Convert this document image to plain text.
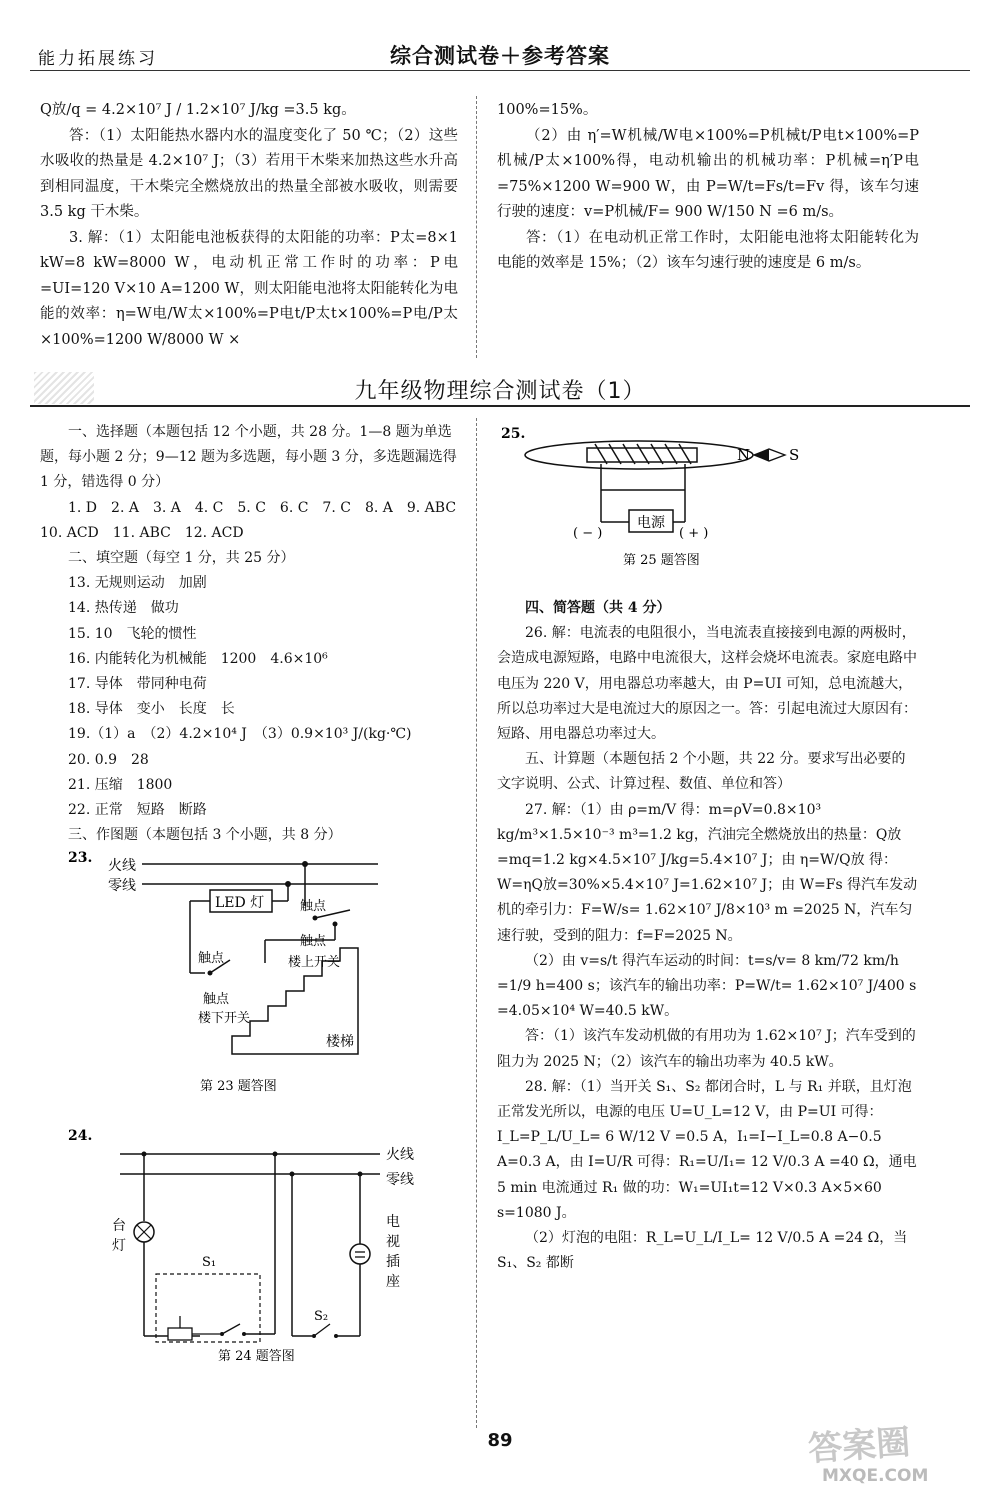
能力拓展练习	综合测试卷＋参考答案

Q放/q = 4.2×10⁷ J / 1.2×10⁷ J/kg =3.5 kg。

答：（1）太阳能热水器内水的温度变化了 50 ℃；（2）这些水吸收的热量是 4.2×10⁷ J；（3）若用干木柴来加热这些水升高到相同温度，干木柴完全燃烧放出的热量全部被水吸收，则需要 3.5 kg 干木柴。

3. 解：（1）太阳能电池板获得的太阳能的功率：P太=8×1 kW=8 kW=8000 W，电动机正常工作时的功率：P电=UI=120 V×10 A=1200 W，则太阳能电池将太阳能转化为电能的效率：η=W电/W太×100%=P电t/P太t×100%=P电/P太×100%=1200 W/8000 W ×

100%=15%。

（2）由 η′=W机械/W电×100%=P机械t/P电t×100%=P机械/P太×100%得，电动机输出的机械功率：P机械=η′P电=75%×1200 W=900 W，由 P=W/t=Fs/t=Fv 得，该车匀速行驶的速度：v=P机械/F= 900 W/150 N =6 m/s。

答：（1）在电动机正常工作时，太阳能电池将太阳能转化为电能的效率是 15%；（2）该车匀速行驶的速度是 6 m/s。

九年级物理综合测试卷（1）

一、选择题（本题包括 12 个小题，共 28 分。1—8 题为单选题，每小题 2 分；9—12 题为多选题，每小题 3 分，多选题漏选得 1 分，错选得 0 分）

1. D　2. A　3. A　4. C　5. C　6. C　7. C　8. A　9. ABC　10. ACD　11. ABC　12. ACD

二、填空题（每空 1 分，共 25 分）

13. 无规则运动　加剧

14. 热传递　做功

15. 10　飞轮的惯性

16. 内能转化为机械能　1200　4.6×10⁶

17. 导体　带同种电荷

18. 导体　变小　长度　长

19.（1）a　（2）4.2×10⁴ J　（3）0.9×10³ J/(kg·℃)

20. 0.9　28

21. 压缩　1800

22. 正常　短路　断路

三、作图题（本题包括 3 个小题，共 8 分）

23. 火线
零线
LED 灯	触点
触点
楼上开关
触点
触点
楼下开关
楼梯
第 23 题答图
24.
火线
零线
台
灯
S₁
S₂
电
视
插
座
第 24 题答图
25.
电源
( − )	( + )
N	S
第 25 题答图

四、简答题（共 4 分）

26. 解：电流表的电阻很小，当电流表直接接到电源的两极时，会造成电源短路，电路中电流很大，这样会烧坏电流表。家庭电路中电压为 220 V，用电器总功率越大，由 P=UI 可知，总电流越大，所以总功率过大是电流过大的原因之一。答：引起电流过大原因有：短路、用电器总功率过大。

五、计算题（本题包括 2 个小题，共 22 分。要求写出必要的文字说明、公式、计算过程、数值、单位和答）

27. 解：（1）由 ρ=m/V 得：m=ρV=0.8×10³ kg/m³×1.5×10⁻³ m³=1.2 kg，汽油完全燃烧放出的热量：Q放=mq=1.2 kg×4.5×10⁷ J/kg=5.4×10⁷ J；由 η=W/Q放 得：W=ηQ放=30%×5.4×10⁷ J=1.62×10⁷ J；由 W=Fs 得汽车发动机的牵引力：F=W/s= 1.62×10⁷ J/8×10³ m =2025 N，汽车匀速行驶，受到的阻力：f=F=2025 N。

（2）由 v=s/t 得汽车运动的时间：t=s/v= 8 km/72 km/h =1/9 h=400 s；该汽车的输出功率：P=W/t= 1.62×10⁷ J/400 s =4.05×10⁴ W=40.5 kW。

答：（1）该汽车发动机做的有用功为 1.62×10⁷ J；汽车受到的阻力为 2025 N；（2）该汽车的输出功率为 40.5 kW。

28. 解：（1）当开关 S₁、S₂ 都闭合时，L 与 R₁ 并联，且灯泡正常发光所以，电源的电压 U=U_L=12 V，由 P=UI 可得：I_L=P_L/U_L= 6 W/12 V =0.5 A，I₁=I−I_L=0.8 A−0.5 A=0.3 A，由 I=U/R 可得：R₁=U/I₁= 12 V/0.3 A =40 Ω，通电 5 min 电流通过 R₁ 做的功：W₁=UI₁t=12 V×0.3 A×5×60 s=1080 J。

（2）灯泡的电阻：R_L=U_L/I_L= 12 V/0.5 A =24 Ω，当 S₁、S₂ 都断

89	答案圈
MXQE.COM
